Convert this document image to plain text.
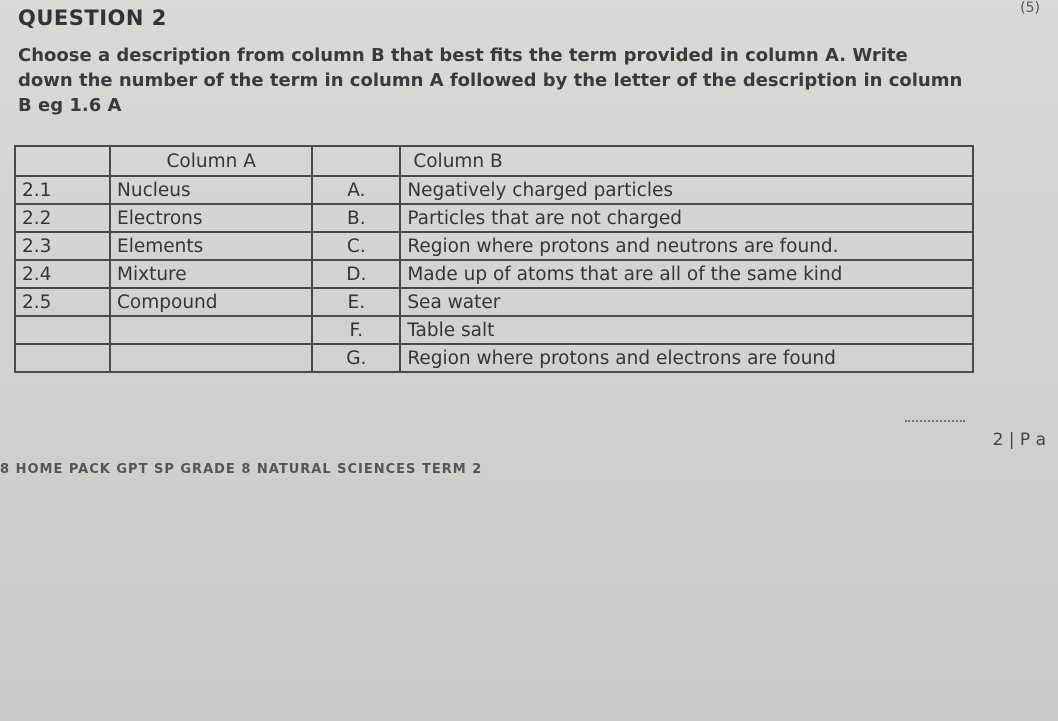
(5)
QUESTION 2
Choose a description from column B that best fits the term provided in column A. Write
down the number of the term in column A followed by the letter of the description in column
B eg 1.6 A
	Column A		Column B
2.1	Nucleus	A.	Negatively charged particles
2.2	Electrons	B.	Particles that are not charged
2.3	Elements	C.	Region where protons and neutrons are found.
2.4	Mixture	D.	Made up of atoms that are all of the same kind
2.5	Compound	E.	Sea water
		F.	Table salt
		G.	Region where protons and electrons are found
2 | P a
8 HOME PACK GPT SP GRADE 8 NATURAL SCIENCES TERM 2
